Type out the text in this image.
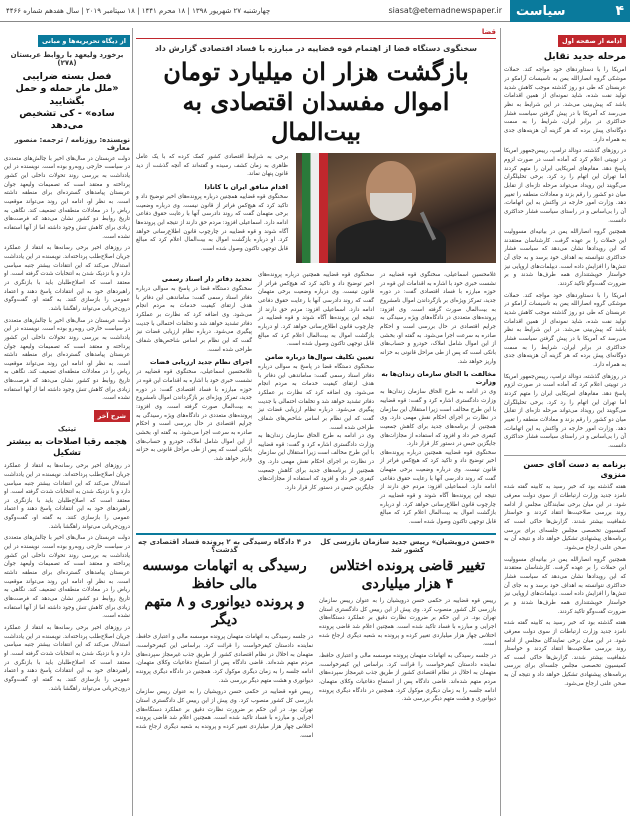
۴
سیاست
siasat@etemadnewspaper.ir
چهارشنبه ۲۷ شهریور ۱۳۹۸ | ۱۸ محرم ۱۴۴۱ | ۱۸ سپتامبر ۲۰۱۹ | سال هفدهم شماره ۴۴۶۶
ادامه از صفحه اول
مرحله جدید تقابل

امریکا را با دستاوردهای خود مواجه کند. حملات موشکی گروه انصارالله یمن به تاسیسات آرامکو در عربستان که طی دو روز گذشته موجب کاهش شدید تولید نفت شده، شاید نمونه‌ای از همین اقدامات باشد که پیش‌بینی می‌شد. در این شرایط به نظر می‌رسد که آمریکا با در پیش گرفتن سیاست فشار حداکثری در برابر ایران، شرایط را به سمت دوگانه‌ای پیش برده که هر گزینه آن هزینه‌های جدی به همراه دارد.

در روزهای گذشته، دونالد ترامپ، رییس‌جمهور امریکا در توییتی اعلام کرد که آماده است در صورت لزوم پاسخ دهد. مقام‌های امریکایی ایران را متهم کردند اما تهران این اتهام را رد کرد. برخی تحلیلگران می‌گویند این رویداد می‌تواند مرحله تازه‌ای از تقابل میان دو کشور را رقم بزند و معادلات منطقه را تغییر دهد. وزارت امور خارجه در واکنش به این اتهامات، آن را بی‌اساس و در راستای سیاست فشار حداکثری دانست.

همچنین گروه انصارالله یمن در بیانیه‌ای مسوولیت این حملات را بر عهده گرفت. کارشناسان معتقدند که این رویدادها نشان می‌دهد که سیاست فشار حداکثری نتوانسته به اهداف خود برسد و به جای آن تنش‌ها را افزایش داده است. دیپلمات‌های اروپایی نیز خواستار خویشتنداری همه طرف‌ها شدند و بر ضرورت گفت‌وگو تاکید کردند.

امریکا را با دستاوردهای خود مواجه کند. حملات موشکی گروه انصارالله یمن به تاسیسات آرامکو در عربستان که طی دو روز گذشته موجب کاهش شدید تولید نفت شده، شاید نمونه‌ای از همین اقدامات باشد که پیش‌بینی می‌شد. در این شرایط به نظر می‌رسد که آمریکا با در پیش گرفتن سیاست فشار حداکثری در برابر ایران، شرایط را به سمت دوگانه‌ای پیش برده که هر گزینه آن هزینه‌های جدی به همراه دارد.

در روزهای گذشته، دونالد ترامپ، رییس‌جمهور امریکا در توییتی اعلام کرد که آماده است در صورت لزوم پاسخ دهد. مقام‌های امریکایی ایران را متهم کردند اما تهران این اتهام را رد کرد. برخی تحلیلگران می‌گویند این رویداد می‌تواند مرحله تازه‌ای از تقابل میان دو کشور را رقم بزند و معادلات منطقه را تغییر دهد. وزارت امور خارجه در واکنش به این اتهامات، آن را بی‌اساس و در راستای سیاست فشار حداکثری دانست.

برنامه به دست آقای حسن منزوی

هفته گذشته بود که خبر رسید به کابینه گفته شده نامزد جدید وزارت ارتباطات از سوی دولت معرفی شود. در این میان برخی نمایندگان مجلس از ادامه روند بررسی صلاحیت‌ها انتقاد کردند و خواستار شفافیت بیشتر شدند. گزارش‌ها حاکی است که کمیسیون تخصصی مجلس جلسه‌ای برای بررسی برنامه‌های پیشنهادی تشکیل خواهد داد و نتیجه آن به صحن علنی ارجاع می‌شود.

همچنین گروه انصارالله یمن در بیانیه‌ای مسوولیت این حملات را بر عهده گرفت. کارشناسان معتقدند که این رویدادها نشان می‌دهد که سیاست فشار حداکثری نتوانسته به اهداف خود برسد و به جای آن تنش‌ها را افزایش داده است. دیپلمات‌های اروپایی نیز خواستار خویشتنداری همه طرف‌ها شدند و بر ضرورت گفت‌وگو تاکید کردند.

هفته گذشته بود که خبر رسید به کابینه گفته شده نامزد جدید وزارت ارتباطات از سوی دولت معرفی شود. در این میان برخی نمایندگان مجلس از ادامه روند بررسی صلاحیت‌ها انتقاد کردند و خواستار شفافیت بیشتر شدند. گزارش‌ها حاکی است که کمیسیون تخصصی مجلس جلسه‌ای برای بررسی برنامه‌های پیشنهادی تشکیل خواهد داد و نتیجه آن به صحن علنی ارجاع می‌شود.

قضا
سخنگوی دستگاه قضا از اهتمام قوه قضاییه در مبارزه با فساد اقتصادی گزارش داد
بازگشت هزار ان میلیارد تومان
اموال مفسدان اقتصادی به بیت‌المال

برخی به شرایط اقتصادی کشور کمک کرده که با یک عامل ظاهری به زمان کشف رسیده و گفته‌اند که آنچه گذشت از دید قانون پنهان نماند.

اقدام منافق ایران با کانادا

سخنگوی قوه قضاییه همچنین درباره پرونده‌های اخیر توضیح داد و تاکید کرد که هیچ‌کس فراتر از قانون نیست. وی درباره وضعیت برخی متهمان گفت که روند دادرسی آنها با رعایت حقوق دفاعی ادامه دارد. اسماعیلی افزود: مردم حق دارند از نتیجه این پرونده‌ها آگاه شوند و قوه قضاییه در چارچوب قانون اطلاع‌رسانی خواهد کرد. او درباره بازگشت اموال به بیت‌المال اعلام کرد که مبالغ قابل توجهی تاکنون وصول شده است.

غلامحسین اسماعیلی، سخنگوی قوه قضاییه در نشست خبری خود با اشاره به اقدامات این قوه در حوزه مبارزه با فساد اقتصادی گفت: در دوره جدید، تمرکز ویژه‌ای بر بازگرداندن اموال نامشروع به بیت‌المال صورت گرفته است. وی افزود: پرونده‌های متعددی در دادگاه‌های ویژه رسیدگی به جرایم اقتصادی در حال بررسی است و احکام صادره به سرعت اجرا می‌شود. به گفته او، بخشی از این اموال شامل املاک، خودرو و حساب‌های بانکی است که پس از طی مراحل قانونی به خزانه واریز خواهد شد.

مخالفت با الحاق سازمان زندان‌ها به وزارت

وی در ادامه به طرح الحاق سازمان زندان‌ها به وزارت دادگستری اشاره کرد و گفت: قوه قضاییه با این طرح مخالف است زیرا استقلال این سازمان در نظارت بر اجرای احکام نقش مهمی دارد. وی همچنین از برنامه‌های جدید برای کاهش جمعیت کیفری خبر داد و افزود که استفاده از مجازات‌های جایگزین حبس در دستور کار قرار دارد.

سخنگوی قوه قضاییه همچنین درباره پرونده‌های اخیر توضیح داد و تاکید کرد که هیچ‌کس فراتر از قانون نیست. وی درباره وضعیت برخی متهمان گفت که روند دادرسی آنها با رعایت حقوق دفاعی ادامه دارد. اسماعیلی افزود: مردم حق دارند از نتیجه این پرونده‌ها آگاه شوند و قوه قضاییه در چارچوب قانون اطلاع‌رسانی خواهد کرد. او درباره بازگشت اموال به بیت‌المال اعلام کرد که مبالغ قابل توجهی تاکنون وصول شده است.

سخنگوی قوه قضاییه همچنین درباره پرونده‌های اخیر توضیح داد و تاکید کرد که هیچ‌کس فراتر از قانون نیست. وی درباره وضعیت برخی متهمان گفت که روند دادرسی آنها با رعایت حقوق دفاعی ادامه دارد. اسماعیلی افزود: مردم حق دارند از نتیجه این پرونده‌ها آگاه شوند و قوه قضاییه در چارچوب قانون اطلاع‌رسانی خواهد کرد. او درباره بازگشت اموال به بیت‌المال اعلام کرد که مبالغ قابل توجهی تاکنون وصول شده است.

تعیین تکلیف سوال‌ها درباره ضامن

سخنگوی دستگاه قضا در پاسخ به سوالی درباره دفاتر اسناد رسمی گفت: ساماندهی این دفاتر با هدف ارتقای کیفیت خدمات به مردم انجام می‌شود. وی اضافه کرد که نظارت بر عملکرد دفاتر تشدید خواهد شد و تخلفات احتمالی با جدیت پیگیری می‌شود. درباره نظام ارزیابی قضات نیز گفت که این نظام بر اساس شاخص‌های شفاف طراحی شده است.

وی در ادامه به طرح الحاق سازمان زندان‌ها به وزارت دادگستری اشاره کرد و گفت: قوه قضاییه با این طرح مخالف است زیرا استقلال این سازمان در نظارت بر اجرای احکام نقش مهمی دارد. وی همچنین از برنامه‌های جدید برای کاهش جمعیت کیفری خبر داد و افزود که استفاده از مجازات‌های جایگزین حبس در دستور کار قرار دارد.

تحدید دفاتر دار اسناد رسمی

سخنگوی دستگاه قضا در پاسخ به سوالی درباره دفاتر اسناد رسمی گفت: ساماندهی این دفاتر با هدف ارتقای کیفیت خدمات به مردم انجام می‌شود. وی اضافه کرد که نظارت بر عملکرد دفاتر تشدید خواهد شد و تخلفات احتمالی با جدیت پیگیری می‌شود. درباره نظام ارزیابی قضات نیز گفت که این نظام بر اساس شاخص‌های شفاف طراحی شده است.

اجرای نظام جدید ارزیابی قضات

غلامحسین اسماعیلی، سخنگوی قوه قضاییه در نشست خبری خود با اشاره به اقدامات این قوه در حوزه مبارزه با فساد اقتصادی گفت: در دوره جدید، تمرکز ویژه‌ای بر بازگرداندن اموال نامشروع به بیت‌المال صورت گرفته است. وی افزود: پرونده‌های متعددی در دادگاه‌های ویژه رسیدگی به جرایم اقتصادی در حال بررسی است و احکام صادره به سرعت اجرا می‌شود. به گفته او، بخشی از این اموال شامل املاک، خودرو و حساب‌های بانکی است که پس از طی مراحل قانونی به خزانه واریز خواهد شد.

«حسن درویشیان» رییس جدید سازمان بازرسی کل کشور شد
تغییر قاضی پرونده اختلاس
۴ هزار میلیاردی

رییس قوه قضاییه در حکمی حسن درویشیان را به عنوان رییس سازمان بازرسی کل کشور منصوب کرد. وی پیش از این رییس کل دادگستری استان تهران بود. در این حکم بر ضرورت نظارت دقیق بر عملکرد دستگاه‌های اجرایی و مبارزه با فساد تاکید شده است. همچنین اعلام شد قاضی پرونده اختلاس چهار هزار میلیاردی تغییر کرده و پرونده به شعبه دیگری ارجاع شده است.

در جلسه رسیدگی به اتهامات متهمان پرونده موسسه مالی و اعتباری حافظ، نماینده دادستان کیفرخواست را قرائت کرد. براساس این کیفرخواست، متهمان به اخلال در نظام اقتصادی کشور از طریق جذب غیرمجاز سپرده‌های مردم متهم شده‌اند. قاضی دادگاه پس از استماع دفاعیات وکلای متهمان، ادامه جلسه را به زمان دیگری موکول کرد. همچنین در دادگاه دیگری پرونده دیوانوری و هشت متهم دیگر بررسی شد.

در ۴ دادگاه رسیدگی به ۲ پرونده فساد اقتصادی چه گذشت؟
رسیدگی به اتهامات موسسه مالی حافظ
و پرونده دیوانوری و ۸ متهم دیگر

در جلسه رسیدگی به اتهامات متهمان پرونده موسسه مالی و اعتباری حافظ، نماینده دادستان کیفرخواست را قرائت کرد. براساس این کیفرخواست، متهمان به اخلال در نظام اقتصادی کشور از طریق جذب غیرمجاز سپرده‌های مردم متهم شده‌اند. قاضی دادگاه پس از استماع دفاعیات وکلای متهمان، ادامه جلسه را به زمان دیگری موکول کرد. همچنین در دادگاه دیگری پرونده دیوانوری و هشت متهم دیگر بررسی شد.

رییس قوه قضاییه در حکمی حسن درویشیان را به عنوان رییس سازمان بازرسی کل کشور منصوب کرد. وی پیش از این رییس کل دادگستری استان تهران بود. در این حکم بر ضرورت نظارت دقیق بر عملکرد دستگاه‌های اجرایی و مبارزه با فساد تاکید شده است. همچنین اعلام شد قاضی پرونده اختلاس چهار هزار میلیاردی تغییر کرده و پرونده به شعبه دیگری ارجاع شده است.

از دیگاه تحریریه‌ها و مبانی
برخورد ولیعهد با روابط عربستان (۲۷۸)
فصل بسته‌ ضرایبی
«ملل مار حمله و حمل بگشایید
ساده» - کی تشخیص می‌دهد
نویسنده: روزنامه / ترجمه: منصور معارف

دولت عربستان در سال‌های اخیر با چالش‌های متعددی در سیاست خارجی روبه‌رو بوده است. نویسنده در این یادداشت به بررسی روند تحولات داخلی این کشور پرداخته و معتقد است که تصمیمات ولیعهد جوان عربستان پیامدهای گسترده‌ای برای منطقه داشته است. به نظر او، ادامه این روند می‌تواند موقعیت ریاض را در معادلات منطقه‌ای تضعیف کند. نگاهی به تاریخ روابط دو کشور نشان می‌دهد که فرصت‌های زیادی برای کاهش تنش وجود داشته اما از آنها استفاده نشده است.

در روزهای اخیر برخی رسانه‌ها به انتقاد از عملکرد جریان اصلاح‌طلب پرداخته‌اند. نویسنده در این یادداشت استدلال می‌کند که این انتقادات بیشتر جنبه سیاسی دارد و با نزدیک شدن به انتخابات شدت گرفته است. او معتقد است که اصلاح‌طلبان باید با بازنگری در راهبردهای خود به این انتقادات پاسخ دهند و اعتماد عمومی را بازسازی کنند. به گفته او، گفت‌وگوی درون‌جریانی می‌تواند راهگشا باشد.

دولت عربستان در سال‌های اخیر با چالش‌های متعددی در سیاست خارجی روبه‌رو بوده است. نویسنده در این یادداشت به بررسی روند تحولات داخلی این کشور پرداخته و معتقد است که تصمیمات ولیعهد جوان عربستان پیامدهای گسترده‌ای برای منطقه داشته است. به نظر او، ادامه این روند می‌تواند موقعیت ریاض را در معادلات منطقه‌ای تضعیف کند. نگاهی به تاریخ روابط دو کشور نشان می‌دهد که فرصت‌های زیادی برای کاهش تنش وجود داشته اما از آنها استفاده نشده است.

شرح آخر
تیتیک
هجمه رقبا اصلاحات به بیشتر تشکیل

در روزهای اخیر برخی رسانه‌ها به انتقاد از عملکرد جریان اصلاح‌طلب پرداخته‌اند. نویسنده در این یادداشت استدلال می‌کند که این انتقادات بیشتر جنبه سیاسی دارد و با نزدیک شدن به انتخابات شدت گرفته است. او معتقد است که اصلاح‌طلبان باید با بازنگری در راهبردهای خود به این انتقادات پاسخ دهند و اعتماد عمومی را بازسازی کنند. به گفته او، گفت‌وگوی درون‌جریانی می‌تواند راهگشا باشد.

دولت عربستان در سال‌های اخیر با چالش‌های متعددی در سیاست خارجی روبه‌رو بوده است. نویسنده در این یادداشت به بررسی روند تحولات داخلی این کشور پرداخته و معتقد است که تصمیمات ولیعهد جوان عربستان پیامدهای گسترده‌ای برای منطقه داشته است. به نظر او، ادامه این روند می‌تواند موقعیت ریاض را در معادلات منطقه‌ای تضعیف کند. نگاهی به تاریخ روابط دو کشور نشان می‌دهد که فرصت‌های زیادی برای کاهش تنش وجود داشته اما از آنها استفاده نشده است.

در روزهای اخیر برخی رسانه‌ها به انتقاد از عملکرد جریان اصلاح‌طلب پرداخته‌اند. نویسنده در این یادداشت استدلال می‌کند که این انتقادات بیشتر جنبه سیاسی دارد و با نزدیک شدن به انتخابات شدت گرفته است. او معتقد است که اصلاح‌طلبان باید با بازنگری در راهبردهای خود به این انتقادات پاسخ دهند و اعتماد عمومی را بازسازی کنند. به گفته او، گفت‌وگوی درون‌جریانی می‌تواند راهگشا باشد.
